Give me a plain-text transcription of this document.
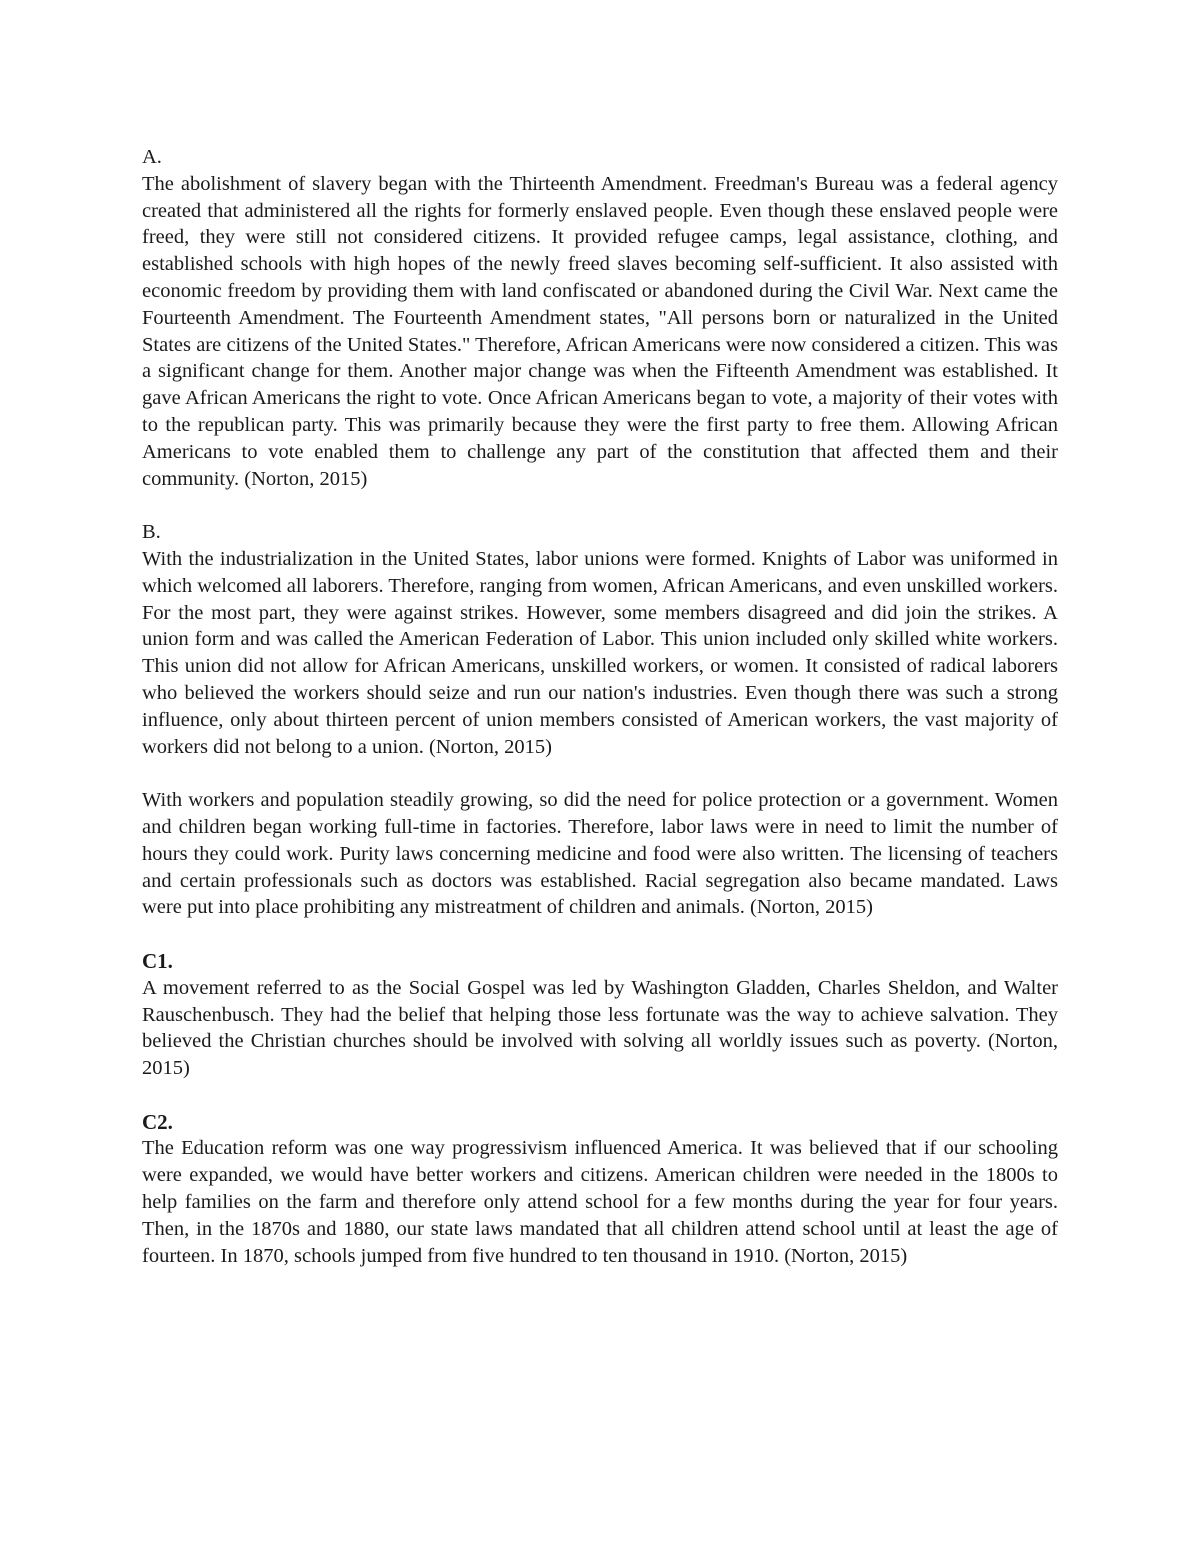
A.

The abolishment of slavery began with the Thirteenth Amendment. Freedman's Bureau was a federal agency created that administered all the rights for formerly enslaved people. Even though these enslaved people were freed, they were still not considered citizens. It provided refugee camps, legal assistance, clothing, and established schools with high hopes of the newly freed slaves becoming self-sufficient. It also assisted with economic freedom by providing them with land confiscated or abandoned during the Civil War. Next came the Fourteenth Amendment. The Fourteenth Amendment states, "All persons born or naturalized in the United States are citizens of the United States." Therefore, African Americans were now considered a citizen. This was a significant change for them. Another major change was when the Fifteenth Amendment was established. It gave African Americans the right to vote. Once African Americans began to vote, a majority of their votes with to the republican party. This was primarily because they were the first party to free them. Allowing African Americans to vote enabled them to challenge any part of the constitution that affected them and their community. (Norton, 2015)

B.

With the industrialization in the United States, labor unions were formed. Knights of Labor was uniformed in which welcomed all laborers. Therefore, ranging from women, African Americans, and even unskilled workers. For the most part, they were against strikes. However, some members disagreed and did join the strikes. A union form and was called the American Federation of Labor. This union included only skilled white workers. This union did not allow for African Americans, unskilled workers, or women. It consisted of radical laborers who believed the workers should seize and run our nation's industries. Even though there was such a strong influence, only about thirteen percent of union members consisted of American workers, the vast majority of workers did not belong to a union. (Norton, 2015)

With workers and population steadily growing, so did the need for police protection or a government. Women and children began working full-time in factories. Therefore, labor laws were in need to limit the number of hours they could work. Purity laws concerning medicine and food were also written. The licensing of teachers and certain professionals such as doctors was established. Racial segregation also became mandated. Laws were put into place prohibiting any mistreatment of children and animals. (Norton, 2015)

C1.

A movement referred to as the Social Gospel was led by Washington Gladden, Charles Sheldon, and Walter Rauschenbusch. They had the belief that helping those less fortunate was the way to achieve salvation. They believed the Christian churches should be involved with solving all worldly issues such as poverty. (Norton, 2015)

C2.

The Education reform was one way progressivism influenced America. It was believed that if our schooling were expanded, we would have better workers and citizens. American children were needed in the 1800s to help families on the farm and therefore only attend school for a few months during the year for four years. Then, in the 1870s and 1880, our state laws mandated that all children attend school until at least the age of fourteen. In 1870, schools jumped from five hundred to ten thousand in 1910. (Norton, 2015)
